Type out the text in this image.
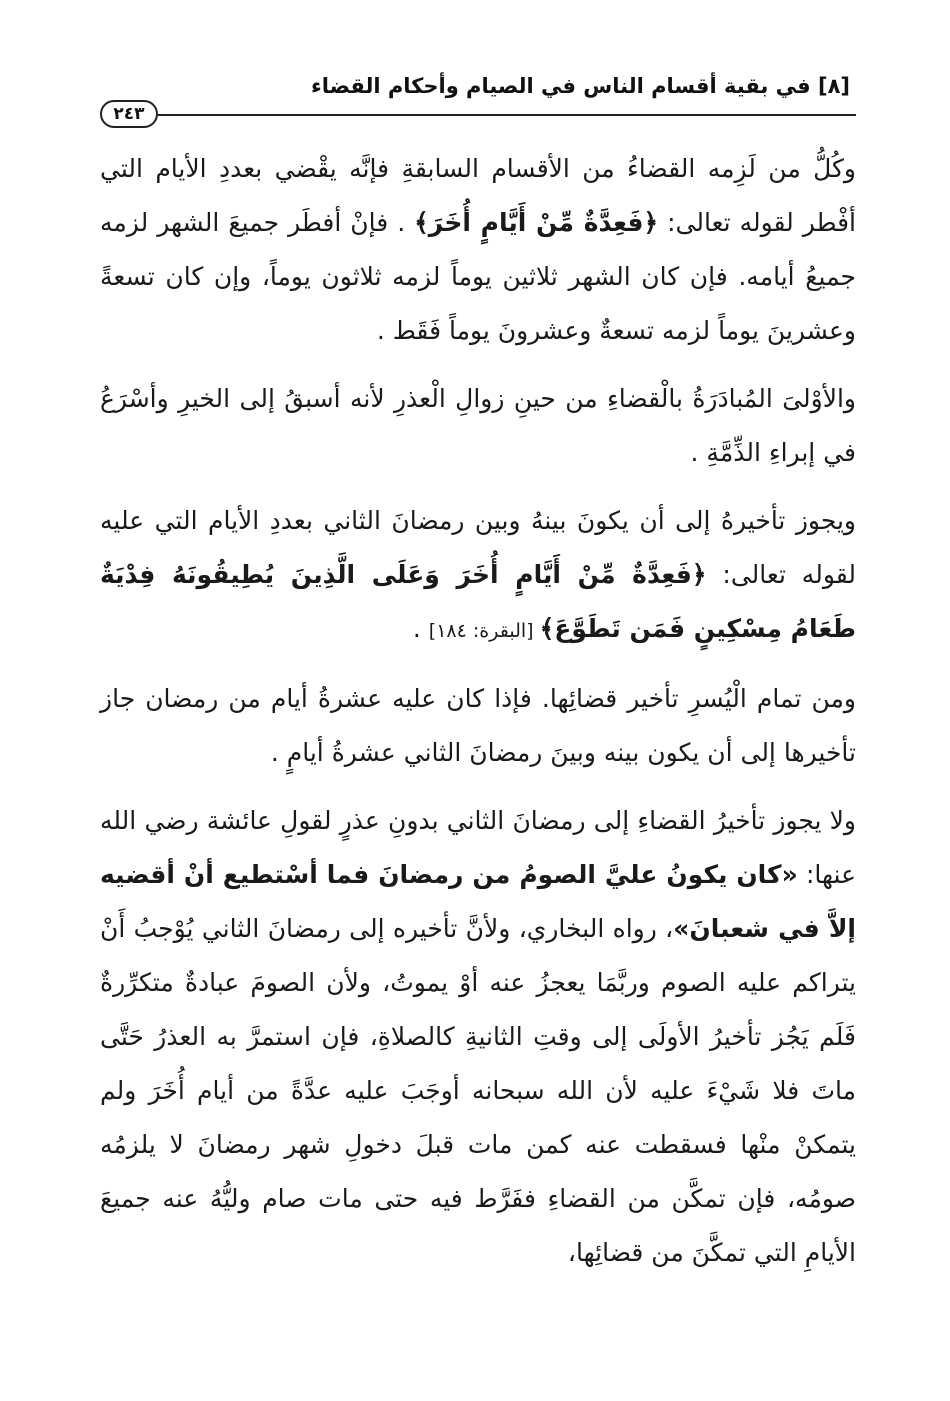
[٨] في بقية أقسام الناس في الصيام وأحكام القضاء
٢٤٣

وكُلُّ من لَزِمه القضاءُ من الأقسام السابقةِ فإنَّه يقْضي بعددِ الأيام التي أفْطر لقوله تعالى: ﴿فَعِدَّةٌ مِّنْ أَيَّامٍ أُخَرَ﴾ . فإنْ أفطَر جميعَ الشهر لزمه جميعُ أيامه. فإن كان الشهر ثلاثين يوماً لزمه ثلاثون يوماً، وإن كان تسعةً وعشرينَ يوماً لزمه تسعةٌ وعشرونَ يوماً فَقَط .

والأوْلىَ المُبادَرَةُ بالْقضاءِ من حينِ زوالِ الْعذرِ لأنه أسبقُ إلى الخيرِ وأسْرَعُ في إبراءِ الذِّمَّةِ .

ويجوز تأخيرهُ إلى أن يكونَ بينهُ وبين رمضانَ الثاني بعددِ الأيام التي عليه لقوله تعالى: ﴿فَعِدَّةٌ مِّنْ أَيَّامٍ أُخَرَ وَعَلَى الَّذِينَ يُطِيقُونَهُ فِدْيَةٌ طَعَامُ مِسْكِينٍ فَمَن تَطَوَّعَ﴾ [البقرة: ١٨٤] .

ومن تمام الْيُسرِ تأخير قضائِها. فإذا كان عليه عشرةُ أيام من رمضان جاز تأخيرها إلى أن يكون بينه وبينَ رمضانَ الثاني عشرةُ أيامٍ .

ولا يجوز تأخيرُ القضاءِ إلى رمضانَ الثاني بدونِ عذرٍ لقولِ عائشة رضي الله عنها: «كان يكونُ عليَّ الصومُ من رمضانَ فما أسْتطيع أنْ أقضيه إلاَّ في شعبانَ»، رواه البخاري، ولأنَّ تأخيره إلى رمضانَ الثاني يُوْجبُ أَنْ يتراكم عليه الصوم وربَّمَا يعجزُ عنه أوْ يموتُ، ولأن الصومَ عبادةٌ متكرِّرةٌ فَلَم يَجُز تأخيرُ الأولَى إلى وقتِ الثانيةِ كالصلاةِ، فإن استمرَّ به العذرُ حَتَّى ماتَ فلا شَيْءَ عليه لأن الله سبحانه أوجَبَ عليه عدَّةً من أيام أُخَرَ ولم يتمكنْ منْها فسقطت عنه كمن مات قبلَ دخولِ شهر رمضانَ لا يلزمُه صومُه، فإن تمكَّن من القضاءِ ففَرَّط فيه حتى مات صام وليُّهُ عنه جميعَ الأيامِ التي تمكَّنَ من قضائِها،
